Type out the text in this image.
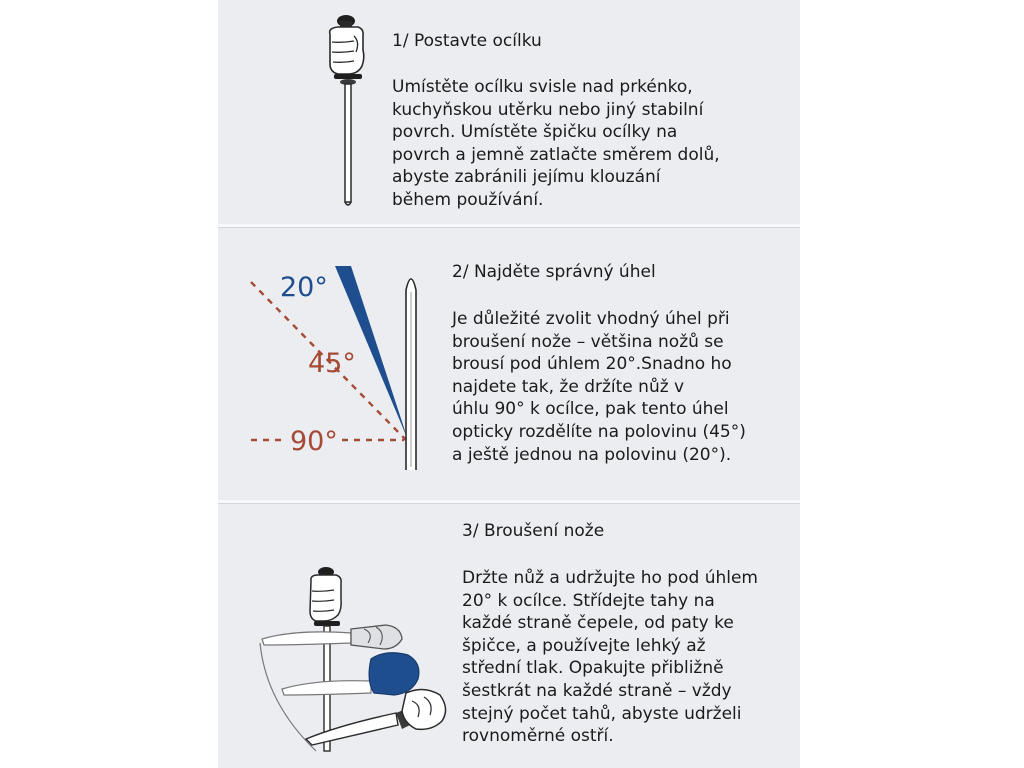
1/ Postavte ocílku
Umístěte ocílku svisle nad prkénko,
kuchyňskou utěrku nebo jiný stabilní
povrch. Umístěte špičku ocílky na
povrch a jemně zatlačte směrem dolů,
abyste zabránili jejímu klouzání
během používání.
20°
45°
90°
2/ Najděte správný úhel
Je důležité zvolit vhodný úhel při
broušení nože – většina nožů se
brousí pod úhlem 20°.Snadno ho
najdete tak, že držíte nůž v
úhlu 90° k ocílce, pak tento úhel
opticky rozdělíte na polovinu (45°)
a ještě jednou na polovinu (20°).
3/ Broušení nože
Držte nůž a udržujte ho pod úhlem
20° k ocílce. Střídejte tahy na
každé straně čepele, od paty ke
špičce, a používejte lehký až
střední tlak. Opakujte přibližně
šestkrát na každé straně – vždy
stejný počet tahů, abyste udrželi
rovnoměrné ostří.
